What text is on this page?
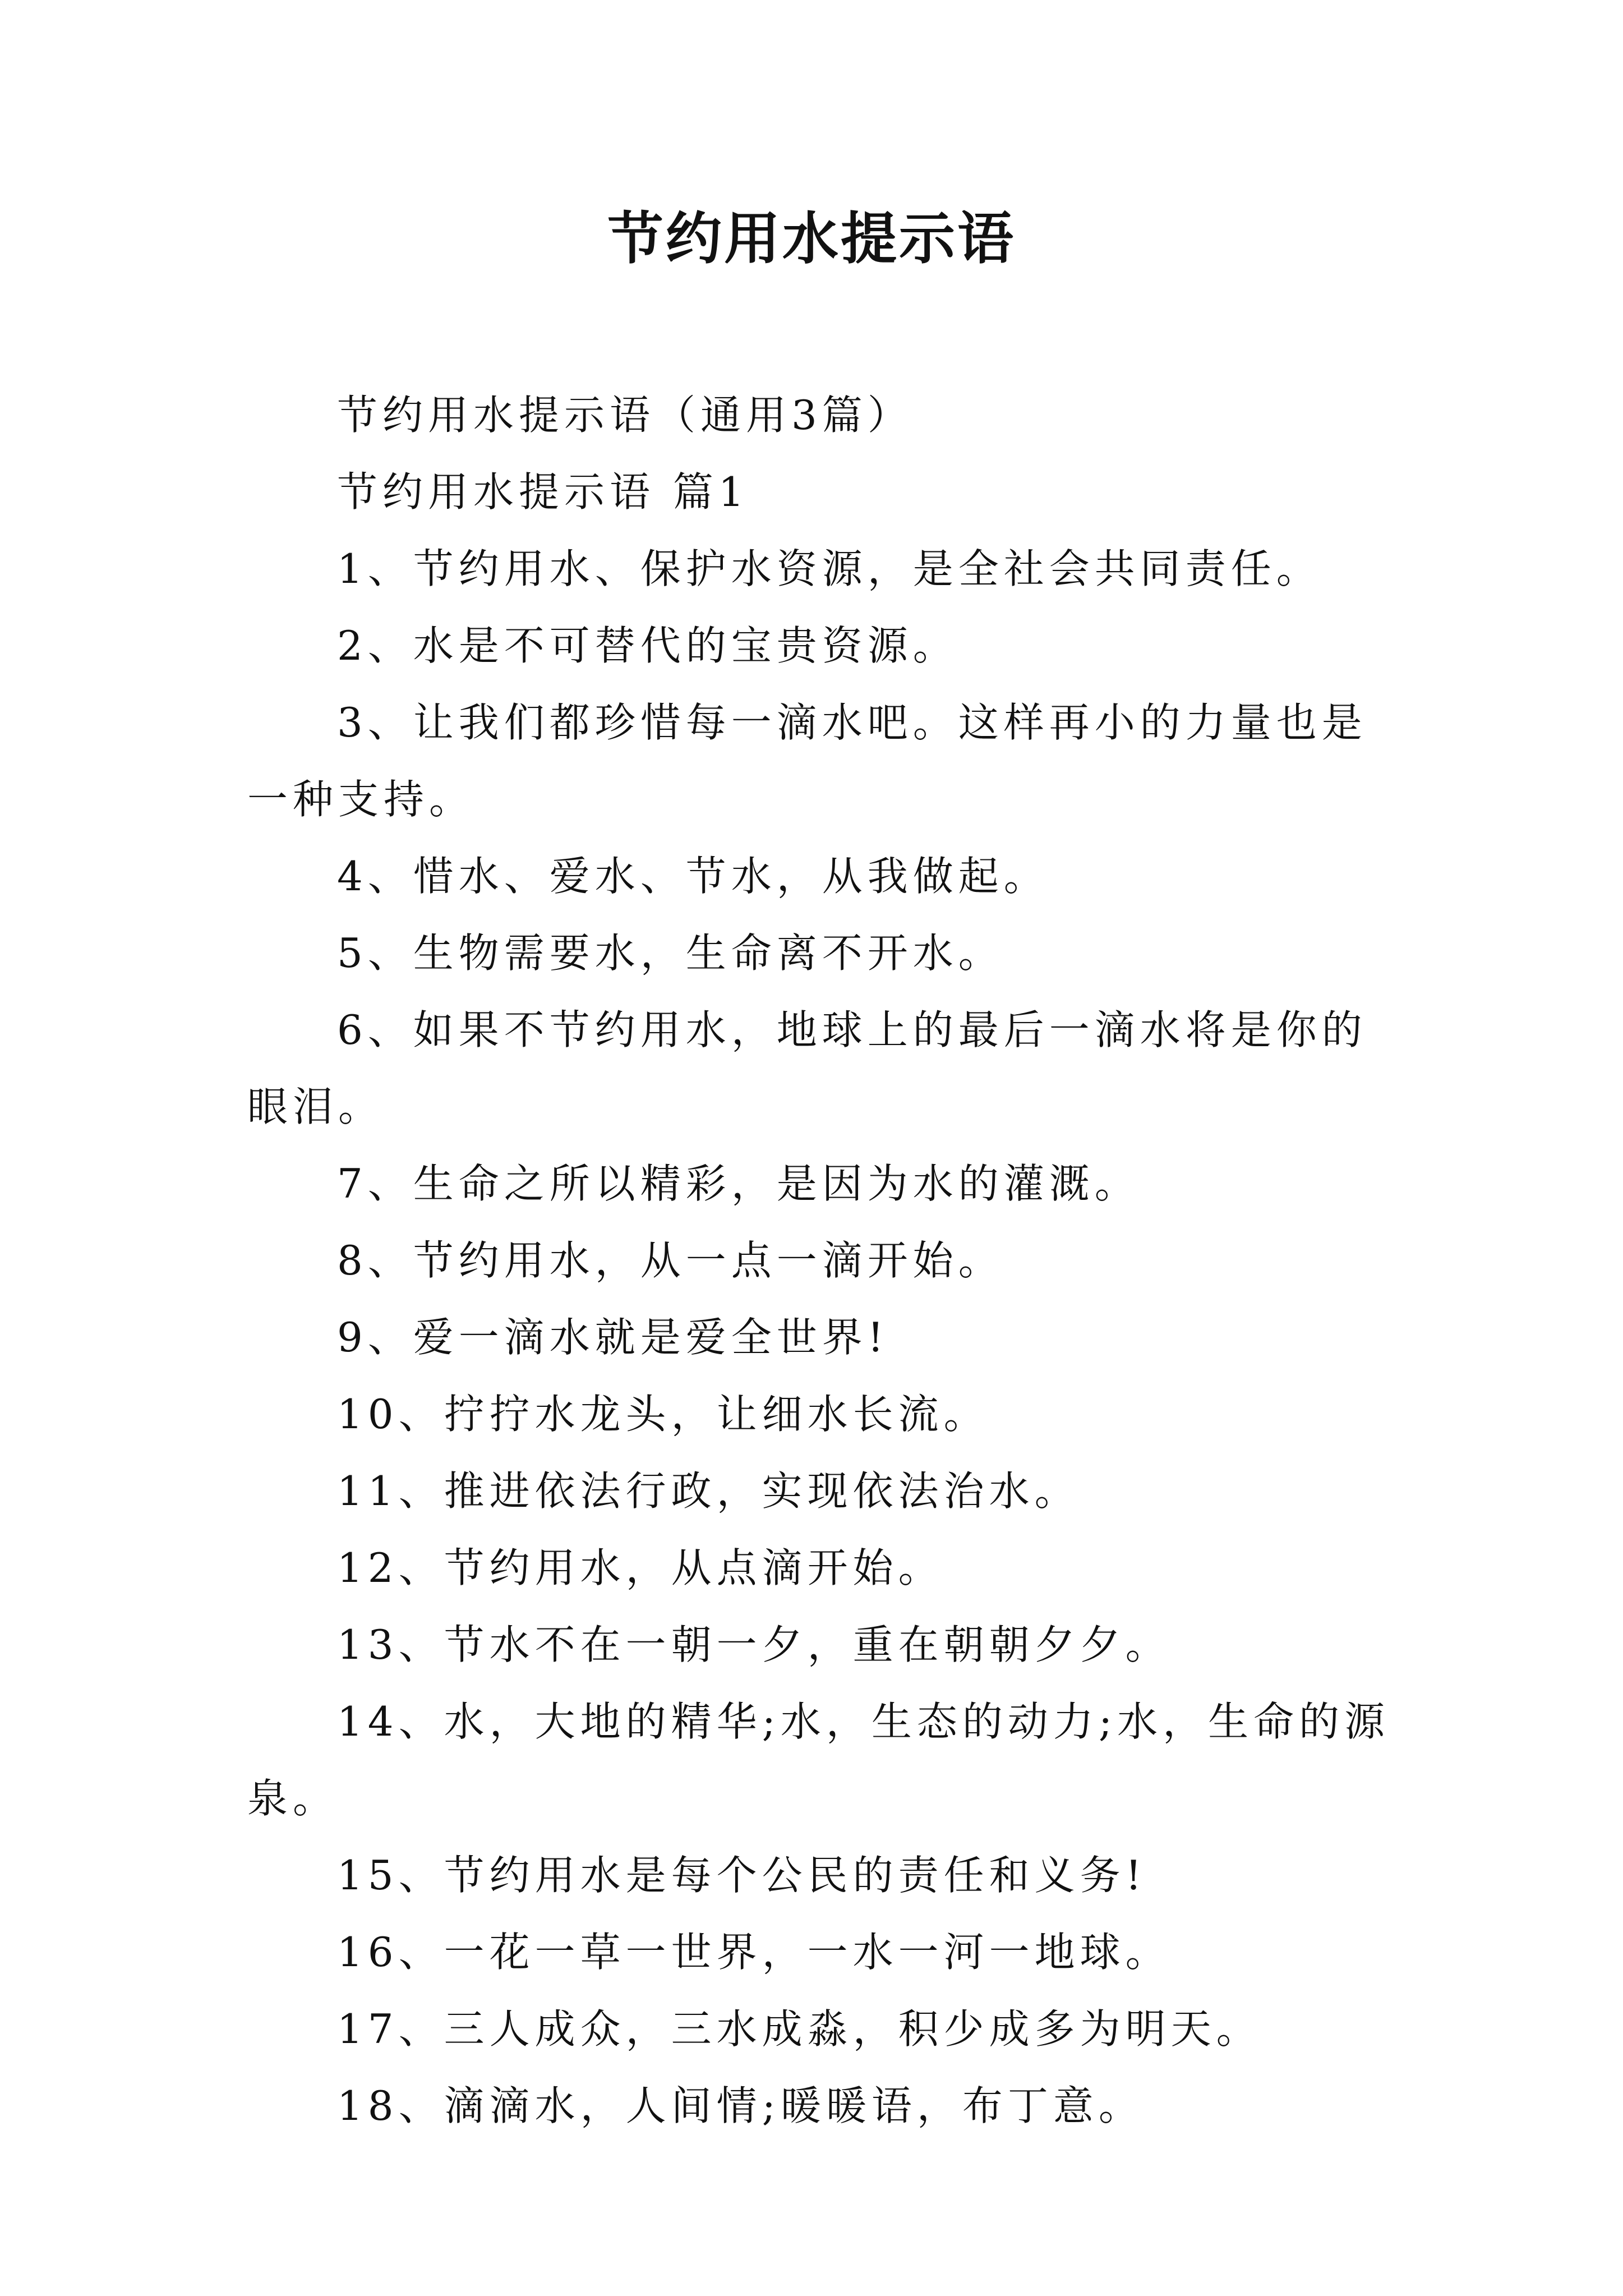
节约用水提示语

节约用水提示语（通用3篇）

节约用水提示语 篇1

1、节约用水、保护水资源，是全社会共同责任。

2、水是不可替代的宝贵资源。

3、让我们都珍惜每一滴水吧。这样再小的力量也是一种支持。

4、惜水、爱水、节水，从我做起。

5、生物需要水，生命离不开水。

6、如果不节约用水，地球上的最后一滴水将是你的眼泪。

7、生命之所以精彩，是因为水的灌溉。

8、节约用水，从一点一滴开始。

9、爱一滴水就是爱全世界!

10、拧拧水龙头，让细水长流。

11、推进依法行政，实现依法治水。

12、节约用水，从点滴开始。

13、节水不在一朝一夕，重在朝朝夕夕。

14、水，大地的精华;水，生态的动力;水，生命的源泉。

15、节约用水是每个公民的责任和义务!

16、一花一草一世界，一水一河一地球。

17、三人成众，三水成淼，积少成多为明天。

18、滴滴水，人间情;暖暖语，布丁意。
